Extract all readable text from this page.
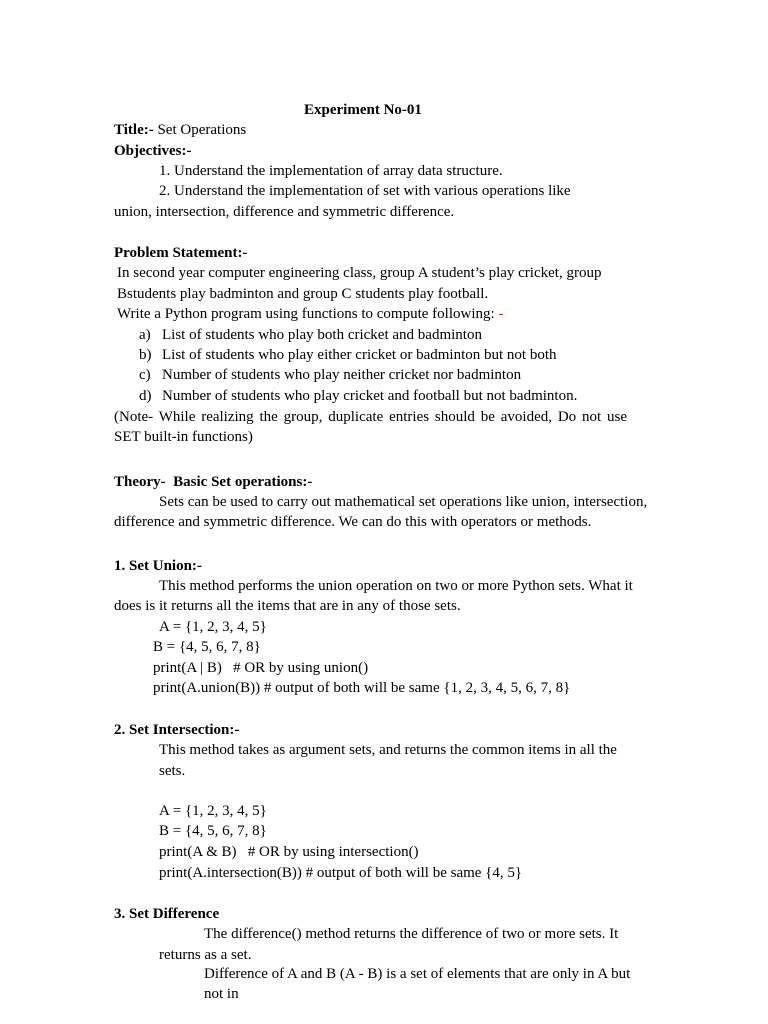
Experiment No-01
Title:- Set Operations
Objectives:-
1. Understand the implementation of array data structure.
2. Understand the implementation of set with various operations like
union, intersection, difference and symmetric difference.
Problem Statement:-
In second year computer engineering class, group A student’s play cricket, group
Bstudents play badminton and group C students play football.
Write a Python program using functions to compute following: -
a) List of students who play both cricket and badminton
b) List of students who play either cricket or badminton but not both
c) Number of students who play neither cricket nor badminton
d) Number of students who play cricket and football but not badminton.
(Note- While realizing the group, duplicate entries should be avoided, Do not use
SET built-in functions)
Theory-  Basic Set operations:-
Sets can be used to carry out mathematical set operations like union, intersection,
difference and symmetric difference. We can do this with operators or methods.
1. Set Union:-
This method performs the union operation on two or more Python sets. What it
does is it returns all the items that are in any of those sets.
A = {1, 2, 3, 4, 5}
B = {4, 5, 6, 7, 8}
print(A | B)   # OR by using union()
print(A.union(B)) # output of both will be same {1, 2, 3, 4, 5, 6, 7, 8}
2. Set Intersection:-
This method takes as argument sets, and returns the common items in all the
sets.
A = {1, 2, 3, 4, 5}
B = {4, 5, 6, 7, 8}
print(A & B)   # OR by using intersection()
print(A.intersection(B)) # output of both will be same {4, 5}
3. Set Difference
The difference() method returns the difference of two or more sets. It
returns as a set.
Difference of A and B (A - B) is a set of elements that are only in A but
not in
